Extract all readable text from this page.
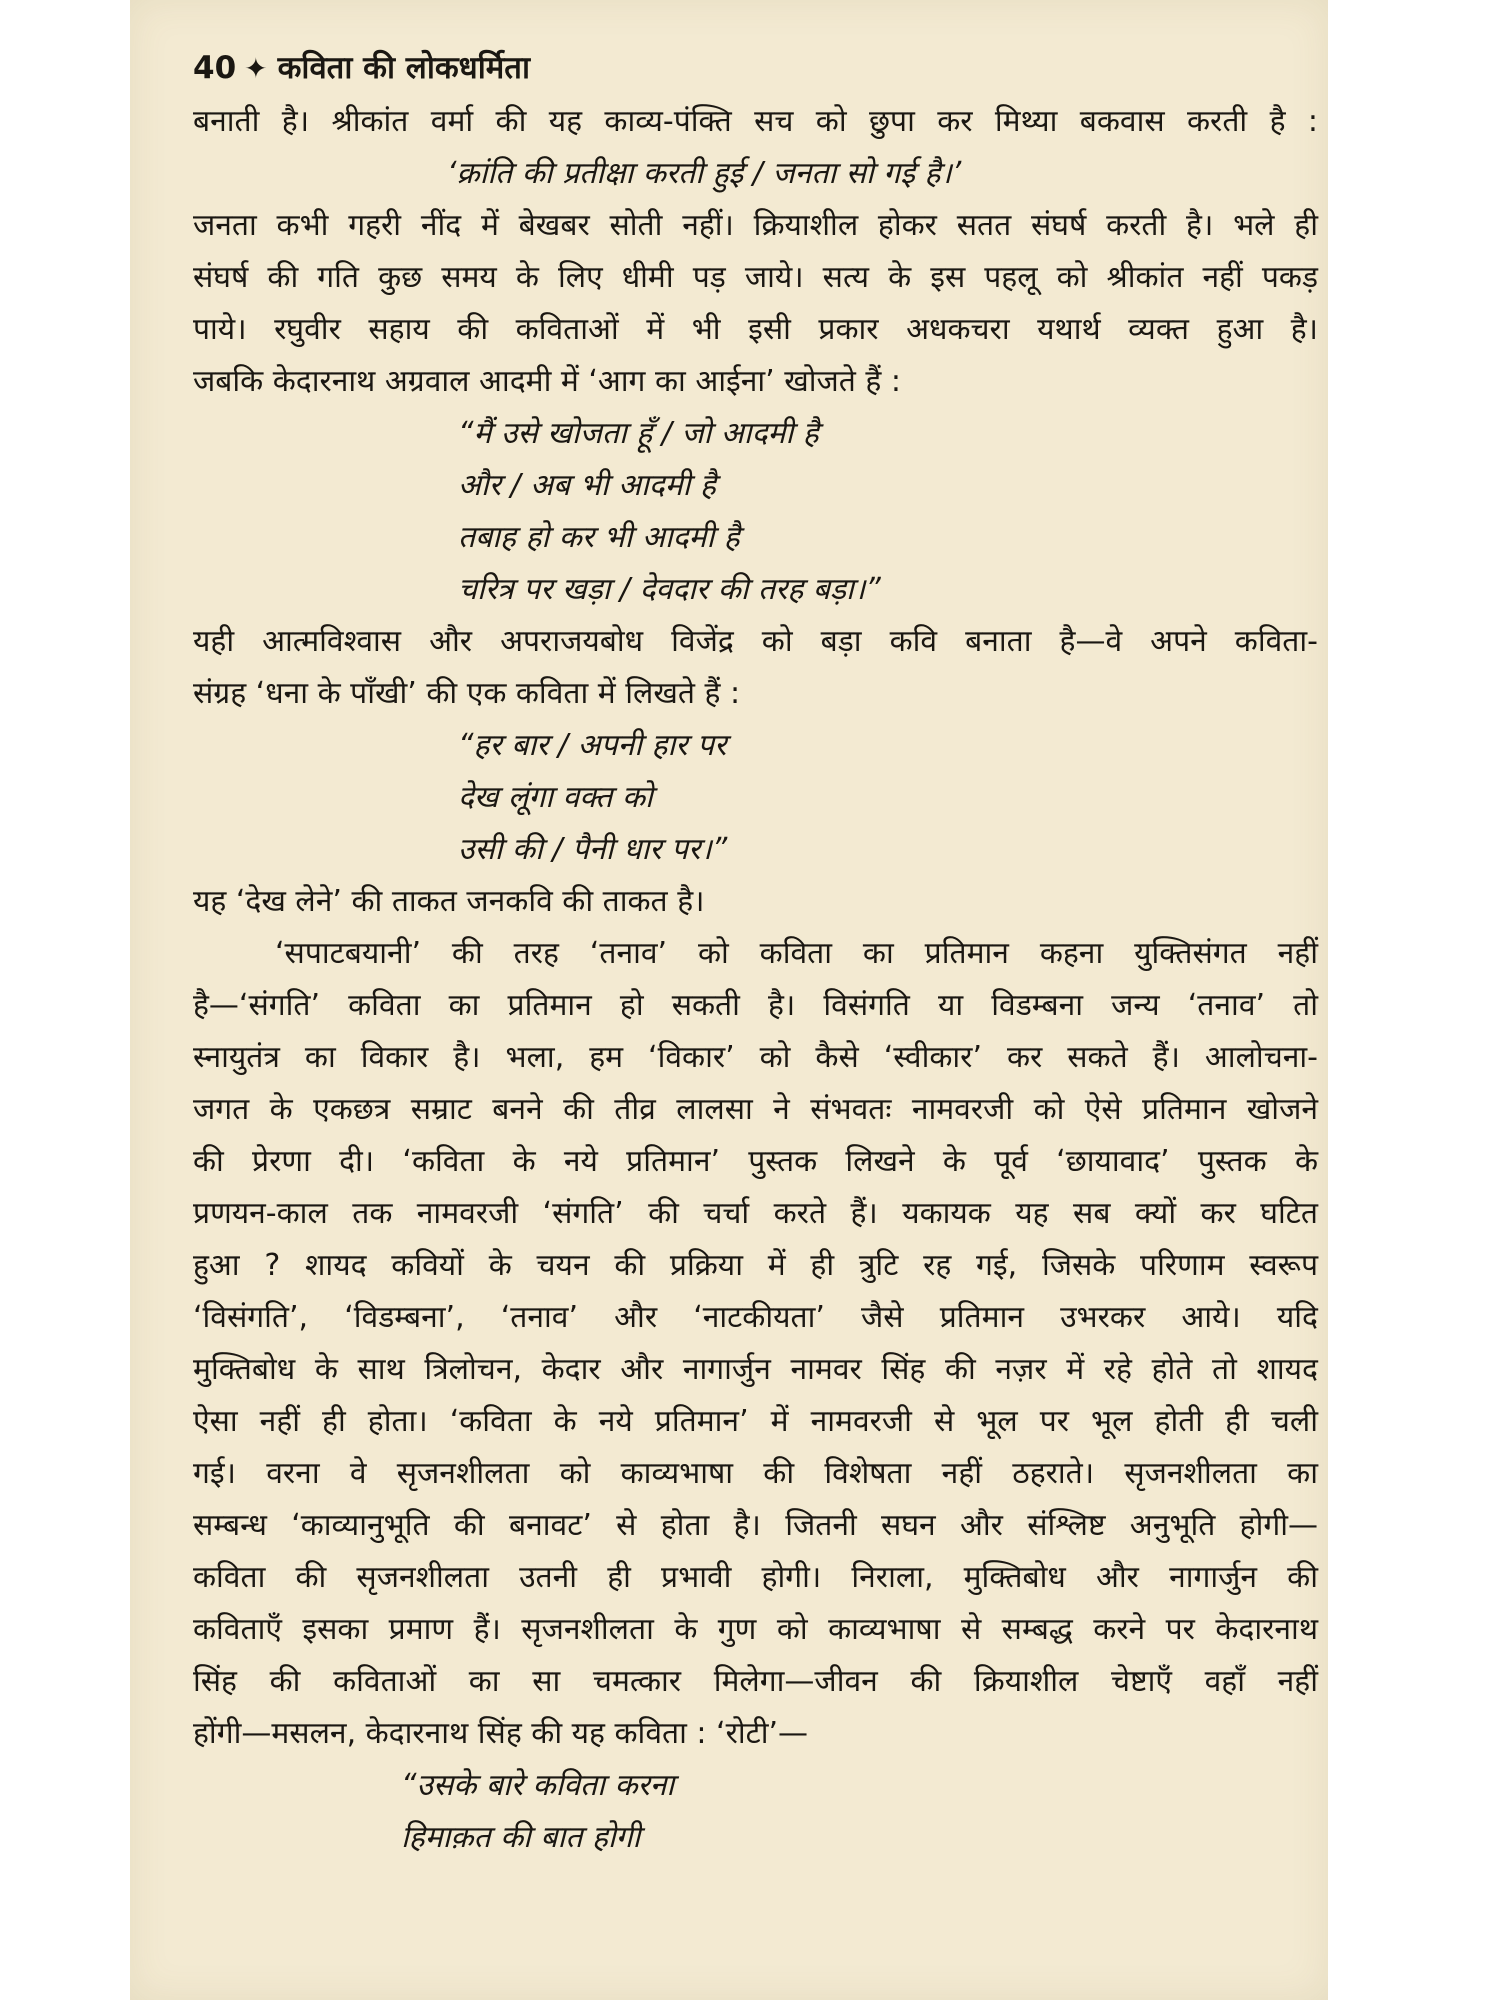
40 ✦ कविता की लोकधर्मिता
बनाती है। श्रीकांत वर्मा की यह काव्य-पंक्ति सच को छुपा कर मिथ्या बकवास करती है :
‘क्रांति की प्रतीक्षा करती हुई / जनता सो गई है।’
जनता कभी गहरी नींद में बेखबर सोती नहीं। क्रियाशील होकर सतत संघर्ष करती है। भले ही
संघर्ष की गति कुछ समय के लिए धीमी पड़ जाये। सत्य के इस पहलू को श्रीकांत नहीं पकड़
पाये। रघुवीर सहाय की कविताओं में भी इसी प्रकार अधकचरा यथार्थ व्यक्त हुआ है।
जबकि केदारनाथ अग्रवाल आदमी में ‘आग का आईना’ खोजते हैं :
“मैं उसे खोजता हूँ / जो आदमी है
और / अब भी आदमी है
तबाह हो कर भी आदमी है
चरित्र पर खड़ा / देवदार की तरह बड़ा।”
यही आत्मविश्वास और अपराजयबोध विजेंद्र को बड़ा कवि बनाता है—वे अपने कविता-
संग्रह ‘धना के पाँखी’ की एक कविता में लिखते हैं :
“हर बार / अपनी हार पर
देख लूंगा वक्त को
उसी की / पैनी धार पर।”
यह ‘देख लेने’ की ताकत जनकवि की ताकत है।
‘सपाटबयानी’ की तरह ‘तनाव’ को कविता का प्रतिमान कहना युक्तिसंगत नहीं
है—‘संगति’ कविता का प्रतिमान हो सकती है। विसंगति या विडम्बना जन्य ‘तनाव’ तो
स्नायुतंत्र का विकार है। भला, हम ‘विकार’ को कैसे ‘स्वीकार’ कर सकते हैं। आलोचना-
जगत के एकछत्र सम्राट बनने की तीव्र लालसा ने संभवतः नामवरजी को ऐसे प्रतिमान खोजने
की प्रेरणा दी। ‘कविता के नये प्रतिमान’ पुस्तक लिखने के पूर्व ‘छायावाद’ पुस्तक के
प्रणयन-काल तक नामवरजी ‘संगति’ की चर्चा करते हैं। यकायक यह सब क्यों कर घटित
हुआ ? शायद कवियों के चयन की प्रक्रिया में ही त्रुटि रह गई, जिसके परिणाम स्वरूप
‘विसंगति’, ‘विडम्बना’, ‘तनाव’ और ‘नाटकीयता’ जैसे प्रतिमान उभरकर आये। यदि
मुक्तिबोध के साथ त्रिलोचन, केदार और नागार्जुन नामवर सिंह की नज़र में रहे होते तो शायद
ऐसा नहीं ही होता। ‘कविता के नये प्रतिमान’ में नामवरजी से भूल पर भूल होती ही चली
गई। वरना वे सृजनशीलता को काव्यभाषा की विशेषता नहीं ठहराते। सृजनशीलता का
सम्बन्ध ‘काव्यानुभूति की बनावट’ से होता है। जितनी सघन और संश्लिष्ट अनुभूति होगी—
कविता की सृजनशीलता उतनी ही प्रभावी होगी। निराला, मुक्तिबोध और नागार्जुन की
कविताएँ इसका प्रमाण हैं। सृजनशीलता के गुण को काव्यभाषा से सम्बद्ध करने पर केदारनाथ
सिंह की कविताओं का सा चमत्कार मिलेगा—जीवन की क्रियाशील चेष्टाएँ वहाँ नहीं
होंगी—मसलन, केदारनाथ सिंह की यह कविता : ‘रोटी’—
“उसके बारे कविता करना
हिमाक़त की बात होगी
